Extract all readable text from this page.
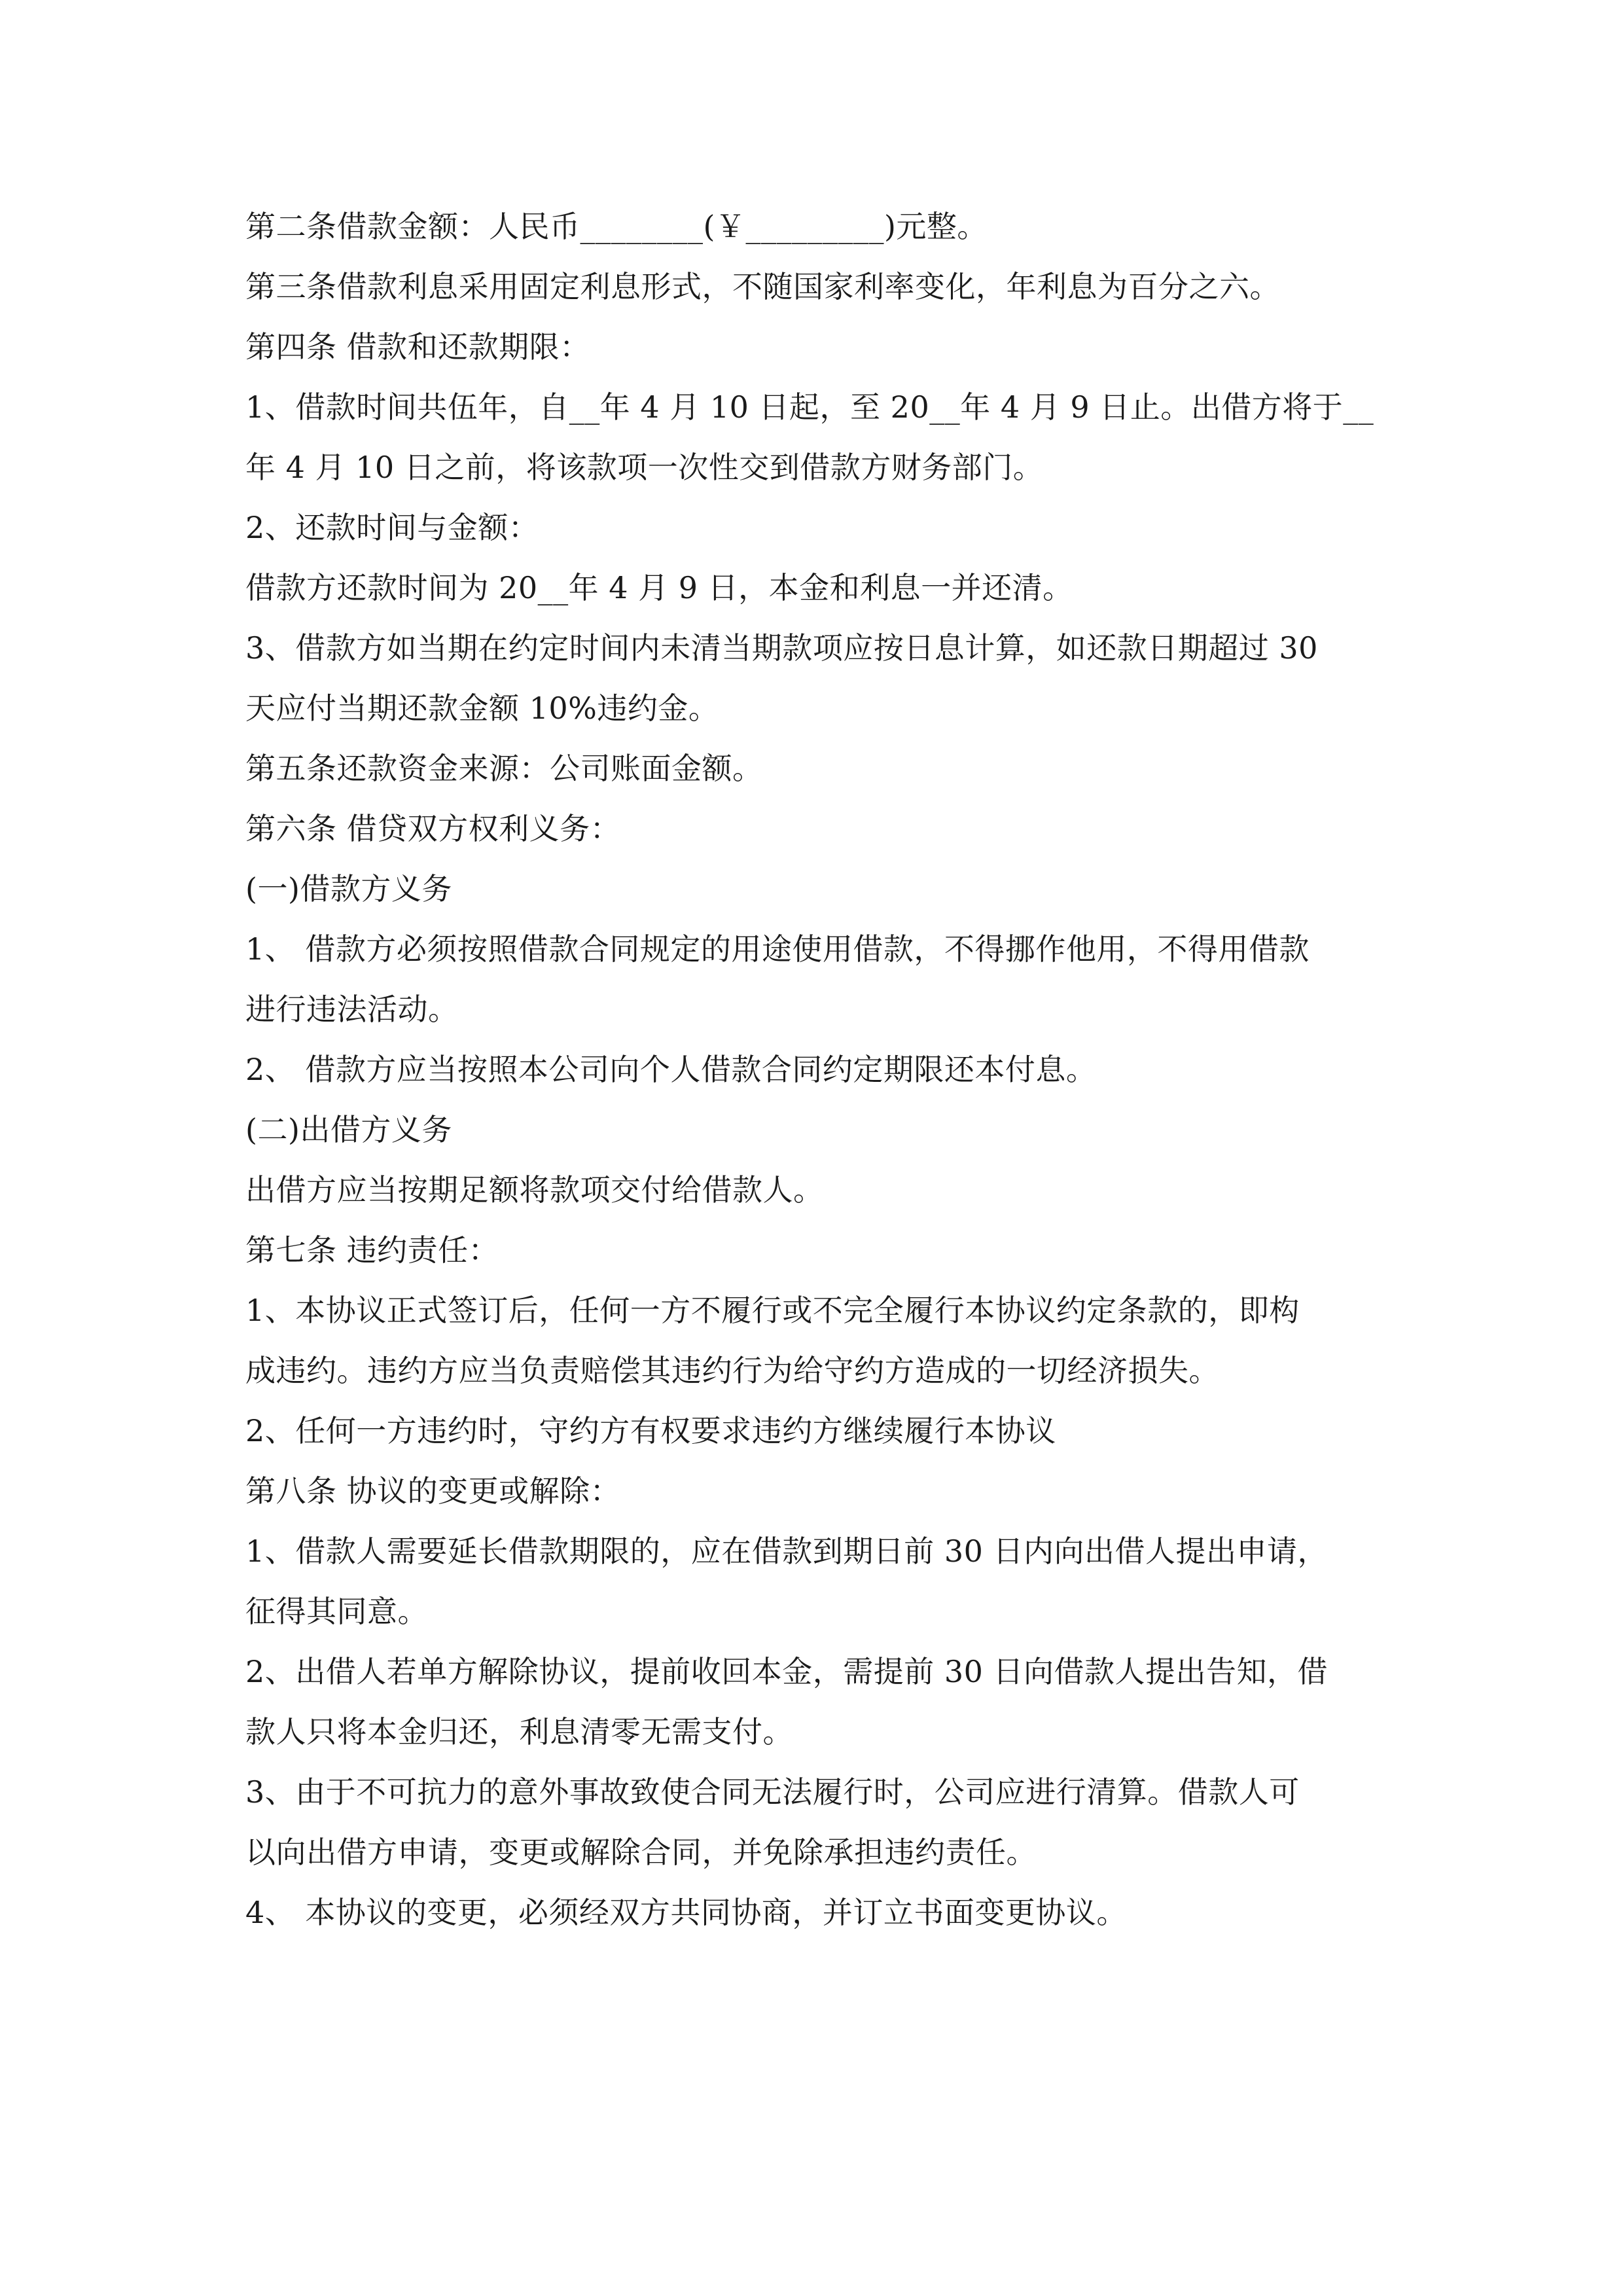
第二条借款金额：人民币________(￥_________)元整。
第三条借款利息采用固定利息形式，不随国家利率变化，年利息为百分之六。
第四条 借款和还款期限：
1、借款时间共伍年，自__年 4 月 10 日起，至 20__年 4 月 9 日止。出借方将于__
年 4 月 10 日之前，将该款项一次性交到借款方财务部门。
2、还款时间与金额：
借款方还款时间为 20__年 4 月 9 日，本金和利息一并还清。
3、借款方如当期在约定时间内未清当期款项应按日息计算，如还款日期超过 30
天应付当期还款金额 10%违约金。
第五条还款资金来源：公司账面金额。
第六条 借贷双方权利义务：
(一)借款方义务
1、 借款方必须按照借款合同规定的用途使用借款，不得挪作他用，不得用借款
进行违法活动。
2、 借款方应当按照本公司向个人借款合同约定期限还本付息。
(二)出借方义务
出借方应当按期足额将款项交付给借款人。
第七条 违约责任：
1、本协议正式签订后，任何一方不履行或不完全履行本协议约定条款的，即构
成违约。违约方应当负责赔偿其违约行为给守约方造成的一切经济损失。
2、任何一方违约时，守约方有权要求违约方继续履行本协议
第八条 协议的变更或解除：
1、借款人需要延长借款期限的，应在借款到期日前 30 日内向出借人提出申请，
征得其同意。
2、出借人若单方解除协议，提前收回本金，需提前 30 日向借款人提出告知，借
款人只将本金归还，利息清零无需支付。
3、由于不可抗力的意外事故致使合同无法履行时，公司应进行清算。借款人可
以向出借方申请，变更或解除合同，并免除承担违约责任。
4、 本协议的变更，必须经双方共同协商，并订立书面变更协议。
